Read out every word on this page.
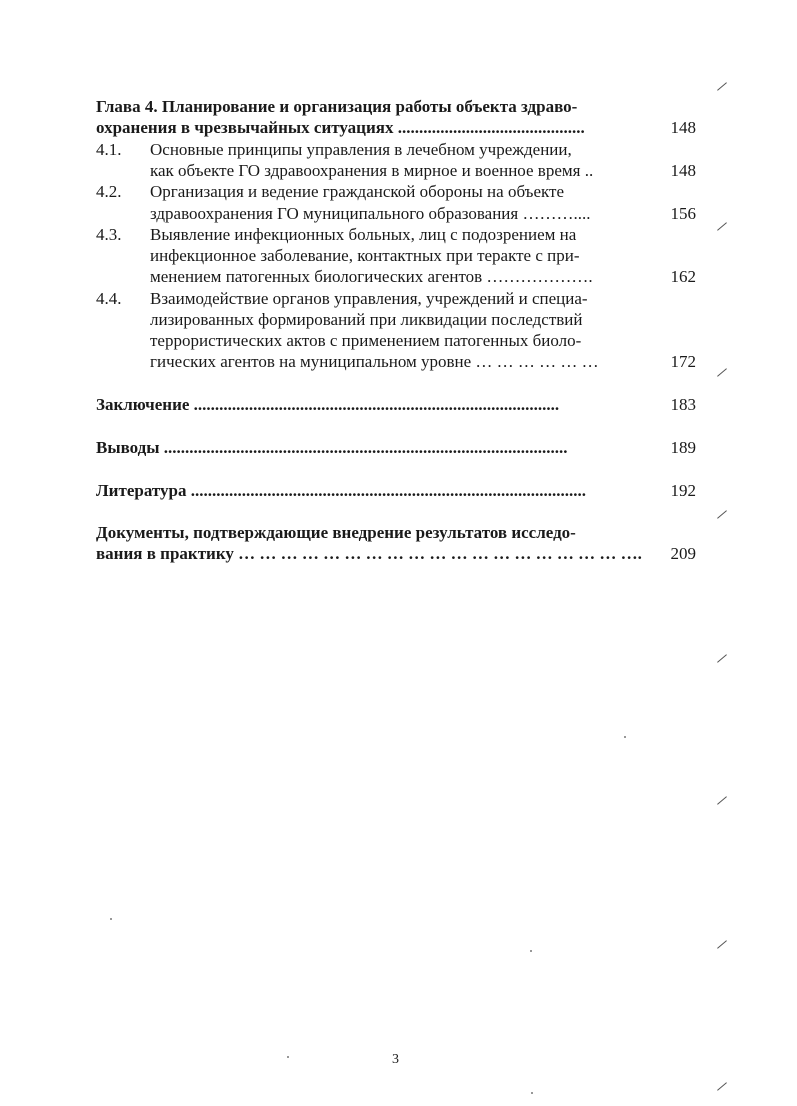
Глава 4. Планирование и организация работы объекта здраво-
охранения в чрезвычайных ситуациях ............................................	148
4.1. Основные принципы управления в лечебном учреждении,
как объекте ГО здравоохранения в мирное и военное время ..	148
4.2. Организация и ведение гражданской обороны на объекте
здравоохранения ГО муниципального образования ………....	156
4.3. Выявление инфекционных больных, лиц с подозрением на
инфекционное заболевание, контактных при теракте с при-
менением патогенных биологических агентов ……………….	162
4.4. Взаимодействие органов управления, учреждений и специа-
лизированных формирований при ликвидации последствий
террористических актов с применением патогенных биоло-
гических агентов на муниципальном уровне … … … … … …	172
Заключение ......................................................................................	183
Выводы ...............................................................................................	189
Литература .............................................................................................	192
Документы, подтверждающие внедрение результатов исследо-
вания в практику … … … … … … … … … … … … … … … … … … ….	209
3
